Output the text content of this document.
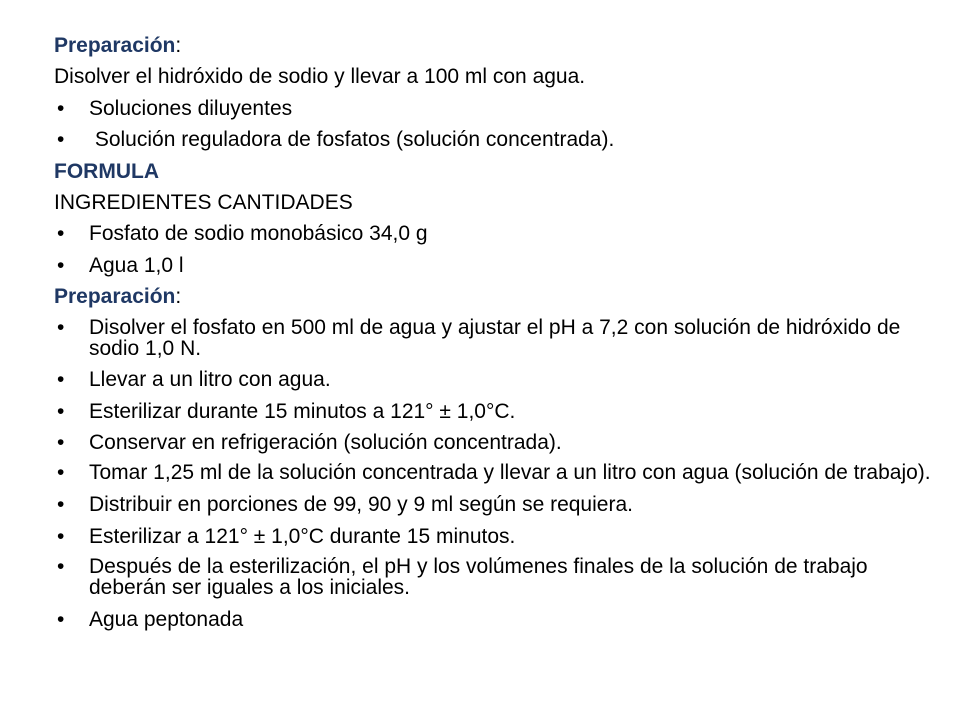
Preparación:
Disolver el hidróxido de sodio y llevar a 100 ml con agua.
• Soluciones diluyentes
• Solución reguladora de fosfatos (solución concentrada).
FORMULA
INGREDIENTES CANTIDADES
• Fosfato de sodio monobásico 34,0 g
• Agua 1,0 l
Preparación:
• Disolver el fosfato en 500 ml de agua y ajustar el pH a 7,2 con solución de hidróxido de sodio 1,0 N.
• Llevar a un litro con agua.
• Esterilizar durante 15 minutos a 121° ± 1,0°C.
• Conservar en refrigeración (solución concentrada).
• Tomar 1,25 ml de la solución concentrada y llevar a un litro con agua (solución de trabajo).
• Distribuir en porciones de 99, 90 y 9 ml según se requiera.
• Esterilizar a 121° ± 1,0°C durante 15 minutos.
• Después de la esterilización, el pH y los volúmenes finales de la solución de trabajo deberán ser iguales a los iniciales.
• Agua peptonada
